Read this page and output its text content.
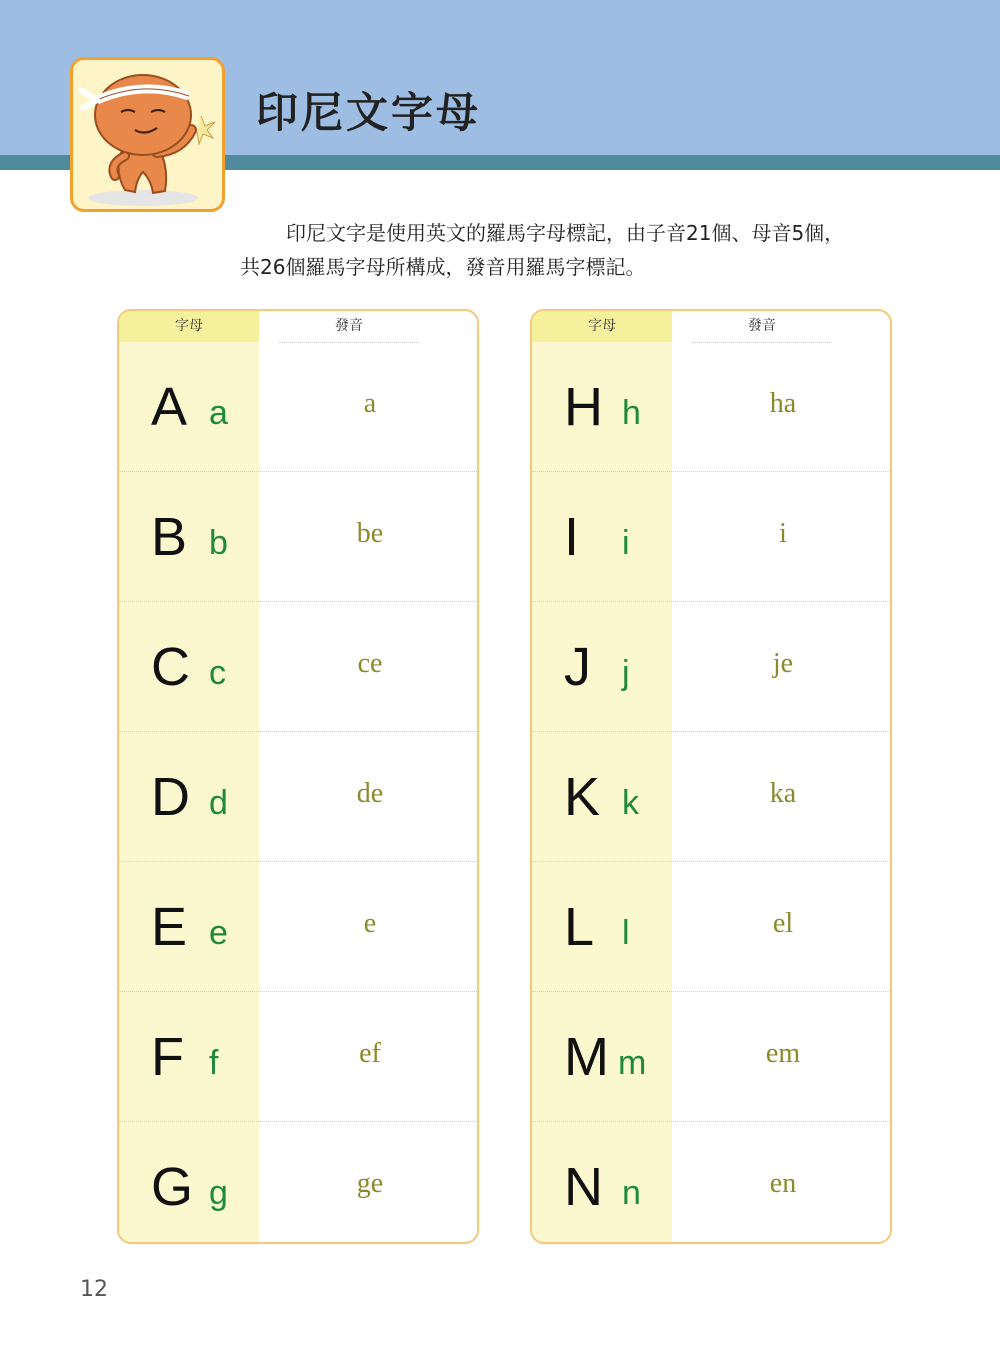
印尼文字母

印尼文字是使用英文的羅馬字母標記，由子音21個、母音5個，

共26個羅馬字母所構成，發音用羅馬字標記。

字母	發音
A a	a
B b	be
C c	ce
D d	de
E e	e
F f	ef
G g	ge
字母	發音
H h	ha
I i	i
J j	je
K k	ka
L l	el
M m	em
N n	en
12
